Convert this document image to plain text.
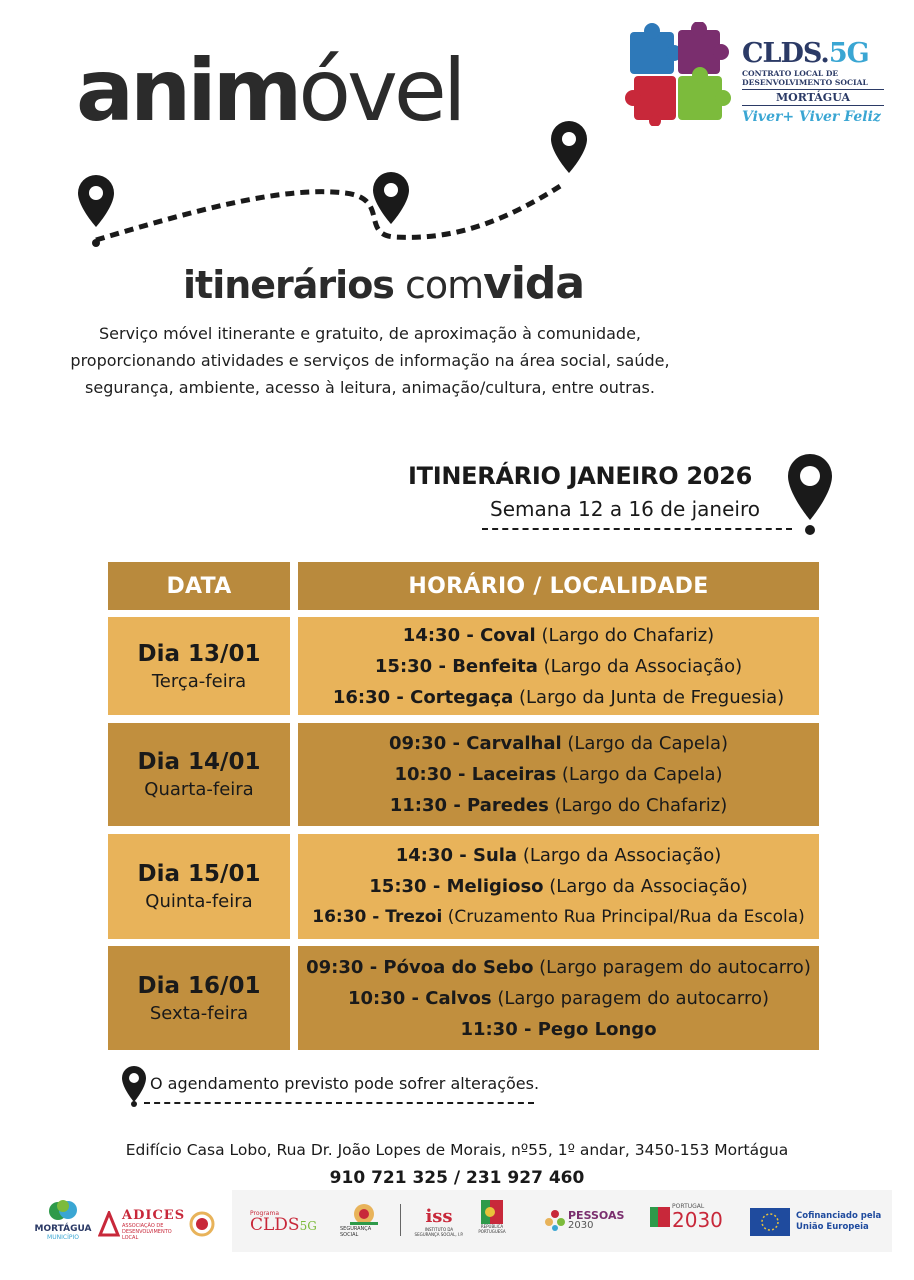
animóvel
itinerários comvida
CLDS.5G
CONTRATO LOCAL DE
DESENVOLVIMENTO SOCIAL
MORTÁGUA
Viver+ Viver Feliz
Serviço móvel itinerante e gratuito, de aproximação à comunidade,
proporcionando atividades e serviços de informação na área social, saúde,
segurança, ambiente, acesso à leitura, animação/cultura, entre outras.
ITINERÁRIO JANEIRO 2026
Semana 12 a 16 de janeiro
DATA	HORÁRIO / LOCALIDADE
Dia 13/01
Terça-feira
14:30 - Coval (Largo do Chafariz)
15:30 - Benfeita (Largo da Associação)
16:30 - Cortegaça (Largo da Junta de Freguesia)
Dia 14/01
Quarta-feira
09:30 - Carvalhal (Largo da Capela)
10:30 - Laceiras (Largo da Capela)
11:30 - Paredes (Largo do Chafariz)
Dia 15/01
Quinta-feira
14:30 - Sula (Largo da Associação)
15:30 - Meligioso (Largo da Associação)
16:30 - Trezoi (Cruzamento Rua Principal/Rua da Escola)
Dia 16/01
Sexta-feira
09:30 - Póvoa do Sebo (Largo paragem do autocarro)
10:30 - Calvos (Largo paragem do autocarro)
11:30 - Pego Longo
O agendamento previsto pode sofrer alterações.
Edifício Casa Lobo, Rua Dr. João Lopes de Morais, nº55, 1º andar, 3450-153 Mortágua
910 721 325 / 231 927 460
MORTÁGUA
MUNICÍPIO
ADICES
ASSOCIAÇÃO DE DESENVOLVIMENTO LOCAL
Programa
CLDS5G	SEGURANÇA SOCIAL
iss
INSTITUTO DA SEGURANÇA SOCIAL, I.P.
REPÚBLICA PORTUGUESA
PESSOAS
2030
PORTUGAL
2030	Cofinanciado pela União Europeia
